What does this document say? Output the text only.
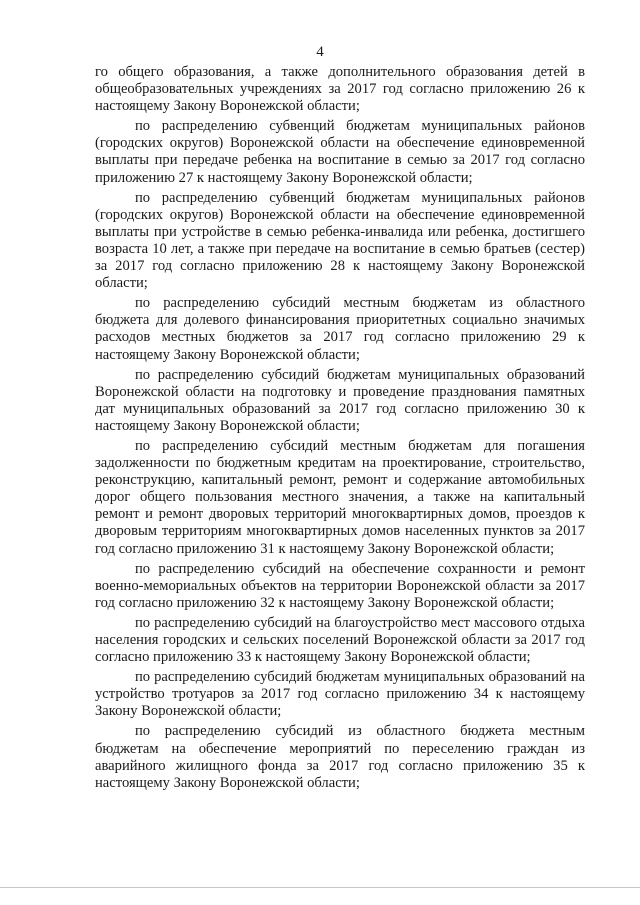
4

го общего образования, а также дополнительного образования детей в общеобразовательных учреждениях за 2017 год согласно приложению 26 к настоящему Закону Воронежской области;

по распределению субвенций бюджетам муниципальных районов (городских округов) Воронежской области на обеспечение единовременной выплаты при передаче ребенка на воспитание в семью за 2017 год согласно приложению 27 к настоящему Закону Воронежской области;

по распределению субвенций бюджетам муниципальных районов (городских округов) Воронежской области на обеспечение единовременной выплаты при устройстве в семью ребенка-инвалида или ребенка, достигшего возраста 10 лет, а также при передаче на воспитание в семью братьев (сестер) за 2017 год согласно приложению 28 к настоящему Закону Воронежской области;

по распределению субсидий местным бюджетам из областного бюджета для долевого финансирования приоритетных социально значимых расходов местных бюджетов за 2017 год согласно приложению 29 к настоящему Закону Воронежской области;

по распределению субсидий бюджетам муниципальных образований Воронежской области на подготовку и проведение празднования памятных дат муниципальных образований за 2017 год согласно приложению 30 к настоящему Закону Воронежской области;

по распределению субсидий местным бюджетам для погашения задолженности по бюджетным кредитам на проектирование, строительство, реконструкцию, капитальный ремонт, ремонт и содержание автомобильных дорог общего пользования местного значения, а также на капитальный ремонт и ремонт дворовых территорий многоквартирных домов, проездов к дворовым территориям многоквартирных домов населенных пунктов за 2017 год согласно приложению 31 к настоящему Закону Воронежской области;

по распределению субсидий на обеспечение сохранности и ремонт военно-мемориальных объектов на территории Воронежской области за 2017 год согласно приложению 32 к настоящему Закону Воронежской области;

по распределению субсидий на благоустройство мест массового отдыха населения городских и сельских поселений Воронежской области за 2017 год согласно приложению 33 к настоящему Закону Воронежской области;

по распределению субсидий бюджетам муниципальных образований на устройство тротуаров за 2017 год согласно приложению 34 к настоящему Закону Воронежской области;

по распределению субсидий из областного бюджета местным бюджетам на обеспечение мероприятий по переселению граждан из аварийного жилищного фонда за 2017 год согласно приложению 35 к настоящему Закону Воронежской области;
